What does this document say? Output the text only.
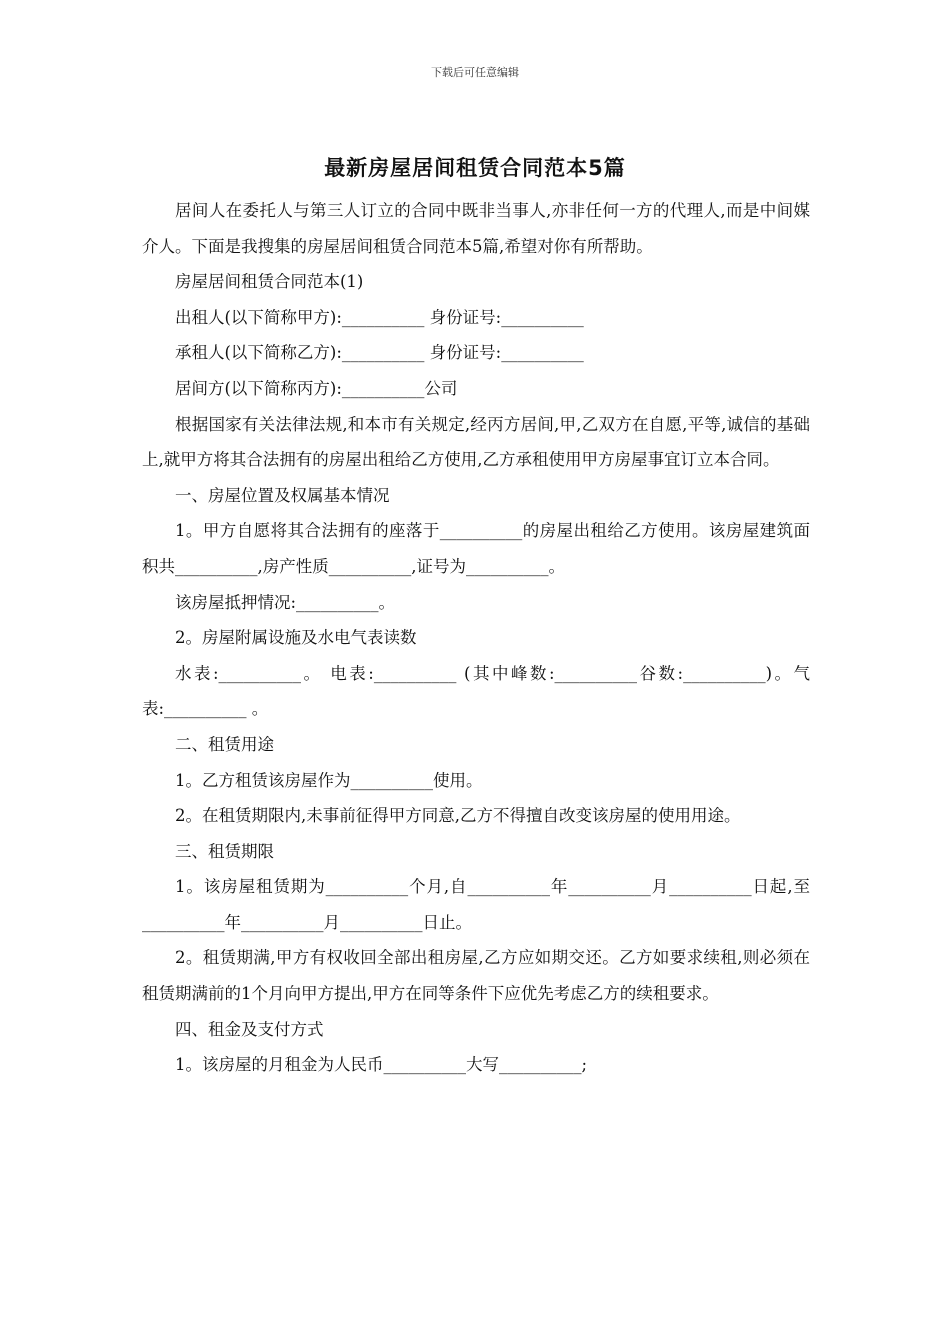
下载后可任意编辑
最新房屋居间租赁合同范本5篇

居间人在委托人与第三人订立的合同中既非当事人,亦非任何一方的代理人,而是中间媒介人。下面是我搜集的房屋居间租赁合同范本5篇,希望对你有所帮助。

房屋居间租赁合同范本(1)

出租人(以下简称甲方):__________ 身份证号:__________

承租人(以下简称乙方):__________ 身份证号:__________

居间方(以下简称丙方):__________公司

根据国家有关法律法规,和本市有关规定,经丙方居间,甲,乙双方在自愿,平等,诚信的基础上,就甲方将其合法拥有的房屋出租给乙方使用,乙方承租使用甲方房屋事宜订立本合同。

一、房屋位置及权属基本情况

1。甲方自愿将其合法拥有的座落于__________的房屋出租给乙方使用。该房屋建筑面积共__________,房产性质__________,证号为__________。

该房屋抵押情况:__________。

2。房屋附属设施及水电气表读数

水表:__________。 电表:__________ (其中峰数:__________谷数:__________)。气表:__________ 。

二、租赁用途

1。乙方租赁该房屋作为__________使用。

2。在租赁期限内,未事前征得甲方同意,乙方不得擅自改变该房屋的使用用途。

三、租赁期限

1。该房屋租赁期为__________个月,自__________年__________月__________日起,至__________年__________月__________日止。

2。租赁期满,甲方有权收回全部出租房屋,乙方应如期交还。乙方如要求续租,则必须在租赁期满前的1个月向甲方提出,甲方在同等条件下应优先考虑乙方的续租要求。

四、租金及支付方式

1。该房屋的月租金为人民币__________大写__________;
